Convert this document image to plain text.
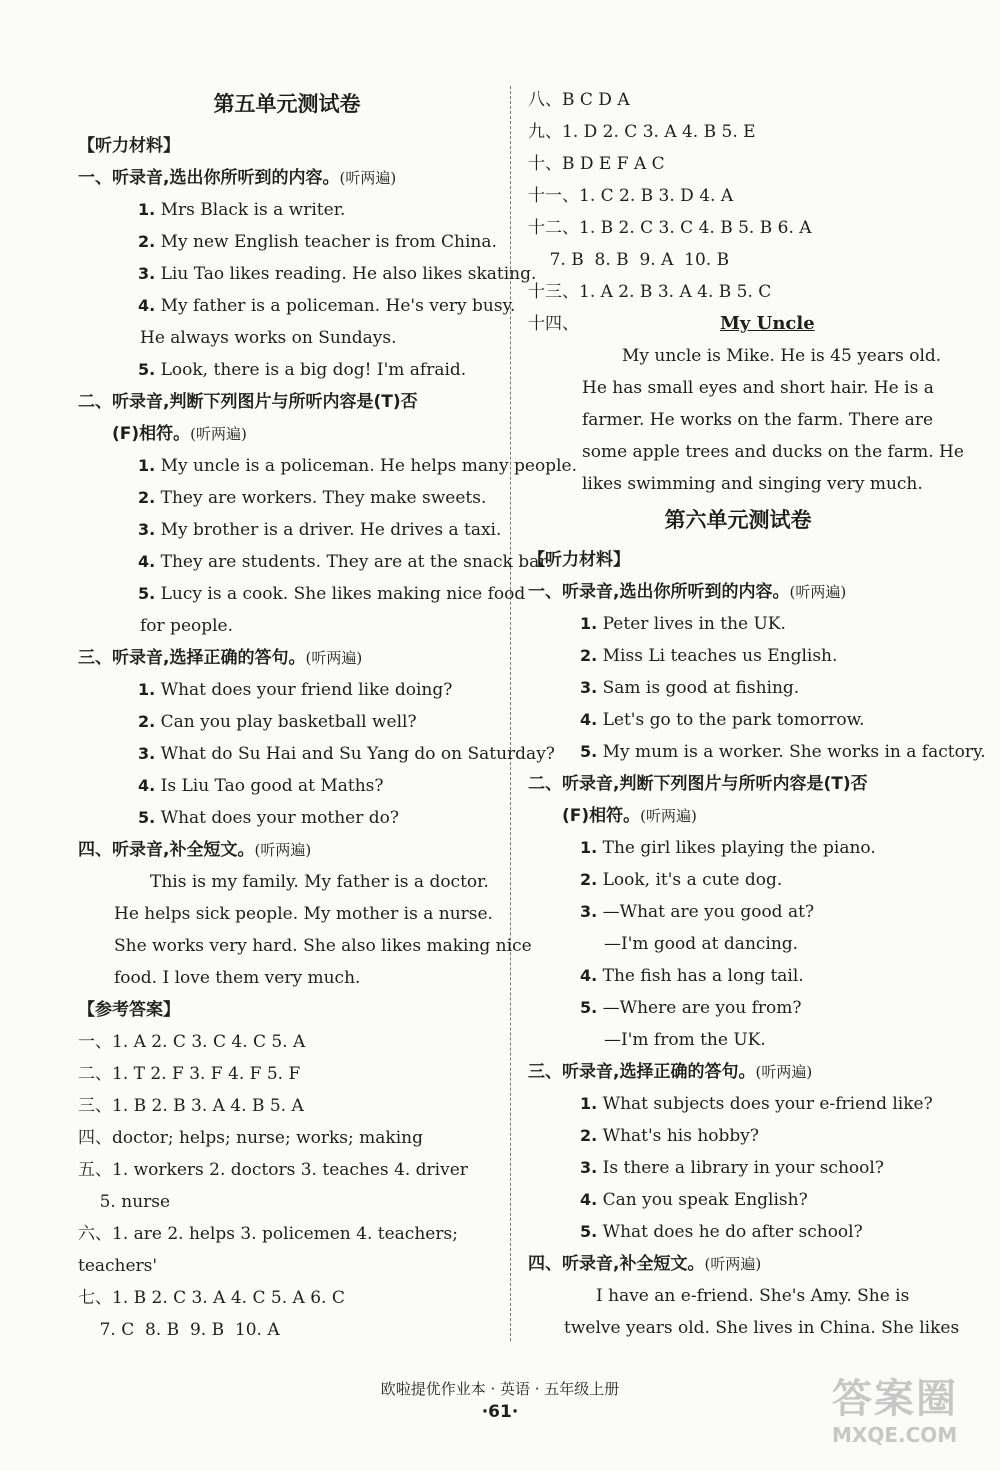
第五单元测试卷
【听力材料】
一、听录音,选出你所听到的内容。(听两遍)
1. Mrs Black is a writer.
2. My new English teacher is from China.
3. Liu Tao likes reading. He also likes skating.
4. My father is a policeman. He's very busy.
He always works on Sundays.
5. Look, there is a big dog! I'm afraid.
二、听录音,判断下列图片与所听内容是(T)否
(F)相符。(听两遍)
1. My uncle is a policeman. He helps many people.
2. They are workers. They make sweets.
3. My brother is a driver. He drives a taxi.
4. They are students. They are at the snack bar.
5. Lucy is a cook. She likes making nice food
for people.
三、听录音,选择正确的答句。(听两遍)
1. What does your friend like doing?
2. Can you play basketball well?
3. What do Su Hai and Su Yang do on Saturday?
4. Is Liu Tao good at Maths?
5. What does your mother do?
四、听录音,补全短文。(听两遍)
This is my family. My father is a doctor.
He helps sick people. My mother is a nurse.
She works very hard. She also likes making nice
food. I love them very much.
【参考答案】
一、1. A 2. C 3. C 4. C 5. A
二、1. T 2. F 3. F 4. F 5. F
三、1. B 2. B 3. A 4. B 5. A
四、doctor; helps; nurse; works; making
五、1. workers 2. doctors 3. teaches 4. driver
5. nurse
六、1. are 2. helps 3. policemen 4. teachers;
teachers'
七、1. B 2. C 3. A 4. C 5. A 6. C
7. C  8. B  9. B  10. A
八、B C D A
九、1. D 2. C 3. A 4. B 5. E
十、B D E F A C
十一、1. C 2. B 3. D 4. A
十二、1. B 2. C 3. C 4. B 5. B 6. A
7. B  8. B  9. A  10. B
十三、1. A 2. B 3. A 4. B 5. C
十四、	My Uncle
My uncle is Mike. He is 45 years old.
He has small eyes and short hair. He is a
farmer. He works on the farm. There are
some apple trees and ducks on the farm. He
likes swimming and singing very much.
第六单元测试卷
【听力材料】
一、听录音,选出你所听到的内容。(听两遍)
1. Peter lives in the UK.
2. Miss Li teaches us English.
3. Sam is good at fishing.
4. Let's go to the park tomorrow.
5. My mum is a worker. She works in a factory.
二、听录音,判断下列图片与所听内容是(T)否
(F)相符。(听两遍)
1. The girl likes playing the piano.
2. Look, it's a cute dog.
3. —What are you good at?
—I'm good at dancing.
4. The fish has a long tail.
5. —Where are you from?
—I'm from the UK.
三、听录音,选择正确的答句。(听两遍)
1. What subjects does your e-friend like?
2. What's his hobby?
3. Is there a library in your school?
4. Can you speak English?
5. What does he do after school?
四、听录音,补全短文。(听两遍)
I have an e-friend. She's Amy. She is
twelve years old. She lives in China. She likes
欧啦提优作业本 · 英语 · 五年级上册
·61·	答案圈
MXQE.COM
